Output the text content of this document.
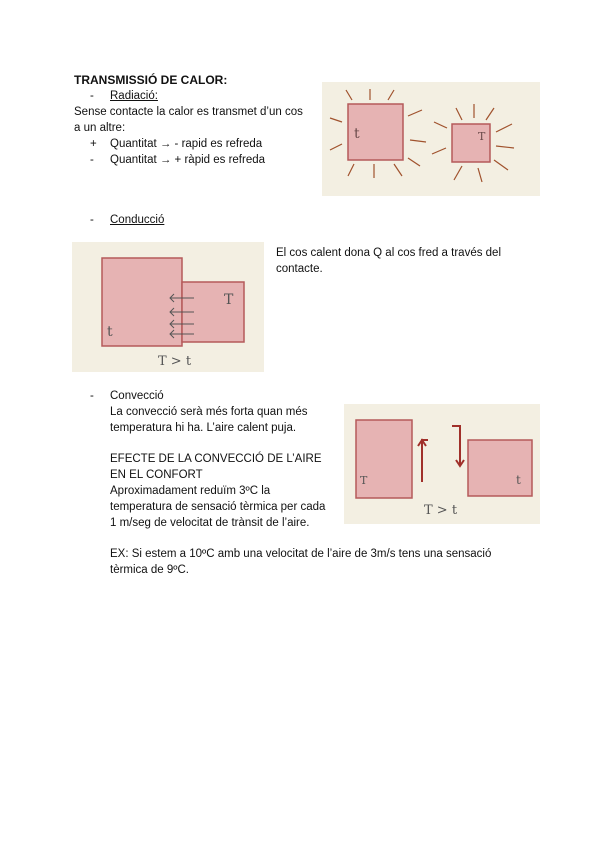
TRANSMISSIÓ DE CALOR:
- Radiació:
Sense contacte la calor es transmet d’un cos
a un altre:
+ Quantitat → - rapid es refreda
- Quantitat → + ràpid es refreda
t	T
- Conducció
El cos calent dona Q al cos fred a través del
contacte.
t
T
T > t
- Convecció
La convecció serà més forta quan més
temperatura hi ha. L’aire calent puja.
EFECTE DE LA CONVECCIÓ DE L’AIRE
EN EL CONFORT
Aproximadament reduïm 3ºC la
temperatura de sensació tèrmica per cada
1 m/seg de velocitat de trànsit de l’aire.
EX: Si estem a 10ºC amb una velocitat de l’aire de 3m/s tens una sensació
tèrmica de 9ºC.
T	t
T > t
